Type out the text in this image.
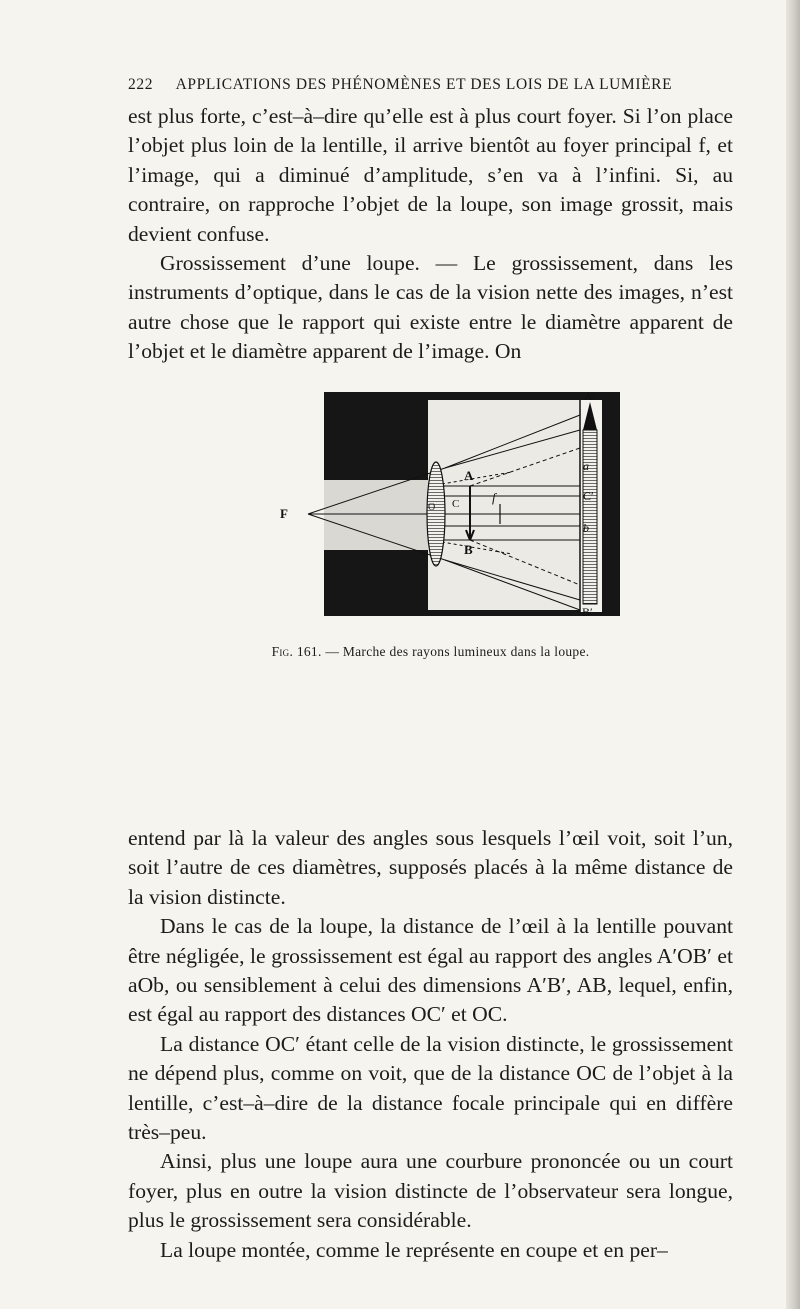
222 APPLICATIONS DES PHÉNOMÈNES ET DES LOIS DE LA LUMIÈRE

est plus forte, c’est–à–dire qu’elle est à plus court foyer. Si l’on place l’objet plus loin de la lentille, il arrive bientôt au foyer principal f, et l’image, qui a diminué d’amplitude, s’en va à l’infini. Si, au contraire, on rapproche l’objet de la loupe, son image grossit, mais devient confuse.

Grossissement d’une loupe. — Le grossissement, dans les instruments d’optique, dans le cas de la vision nette des images, n’est autre chose que le rapport qui existe entre le diamètre apparent de l’objet et le diamètre apparent de l’image. On

F
A
B
C	f
O
A′
B′
a
C′
b
Fig. 161. — Marche des rayons lumineux dans la loupe.

entend par là la valeur des angles sous lesquels l’œil voit, soit l’un, soit l’autre de ces diamètres, supposés placés à la même distance de la vision distincte.

Dans le cas de la loupe, la distance de l’œil à la lentille pouvant être négligée, le grossissement est égal au rapport des angles A′OB′ et aOb, ou sensiblement à celui des dimensions A′B′, AB, lequel, enfin, est égal au rapport des distances OC′ et OC.

La distance OC′ étant celle de la vision distincte, le grossissement ne dépend plus, comme on voit, que de la distance OC de l’objet à la lentille, c’est–à–dire de la distance focale principale qui en diffère très–peu.

Ainsi, plus une loupe aura une courbure prononcée ou un court foyer, plus en outre la vision distincte de l’observateur sera longue, plus le grossissement sera considérable.

La loupe montée, comme le représente en coupe et en per–
